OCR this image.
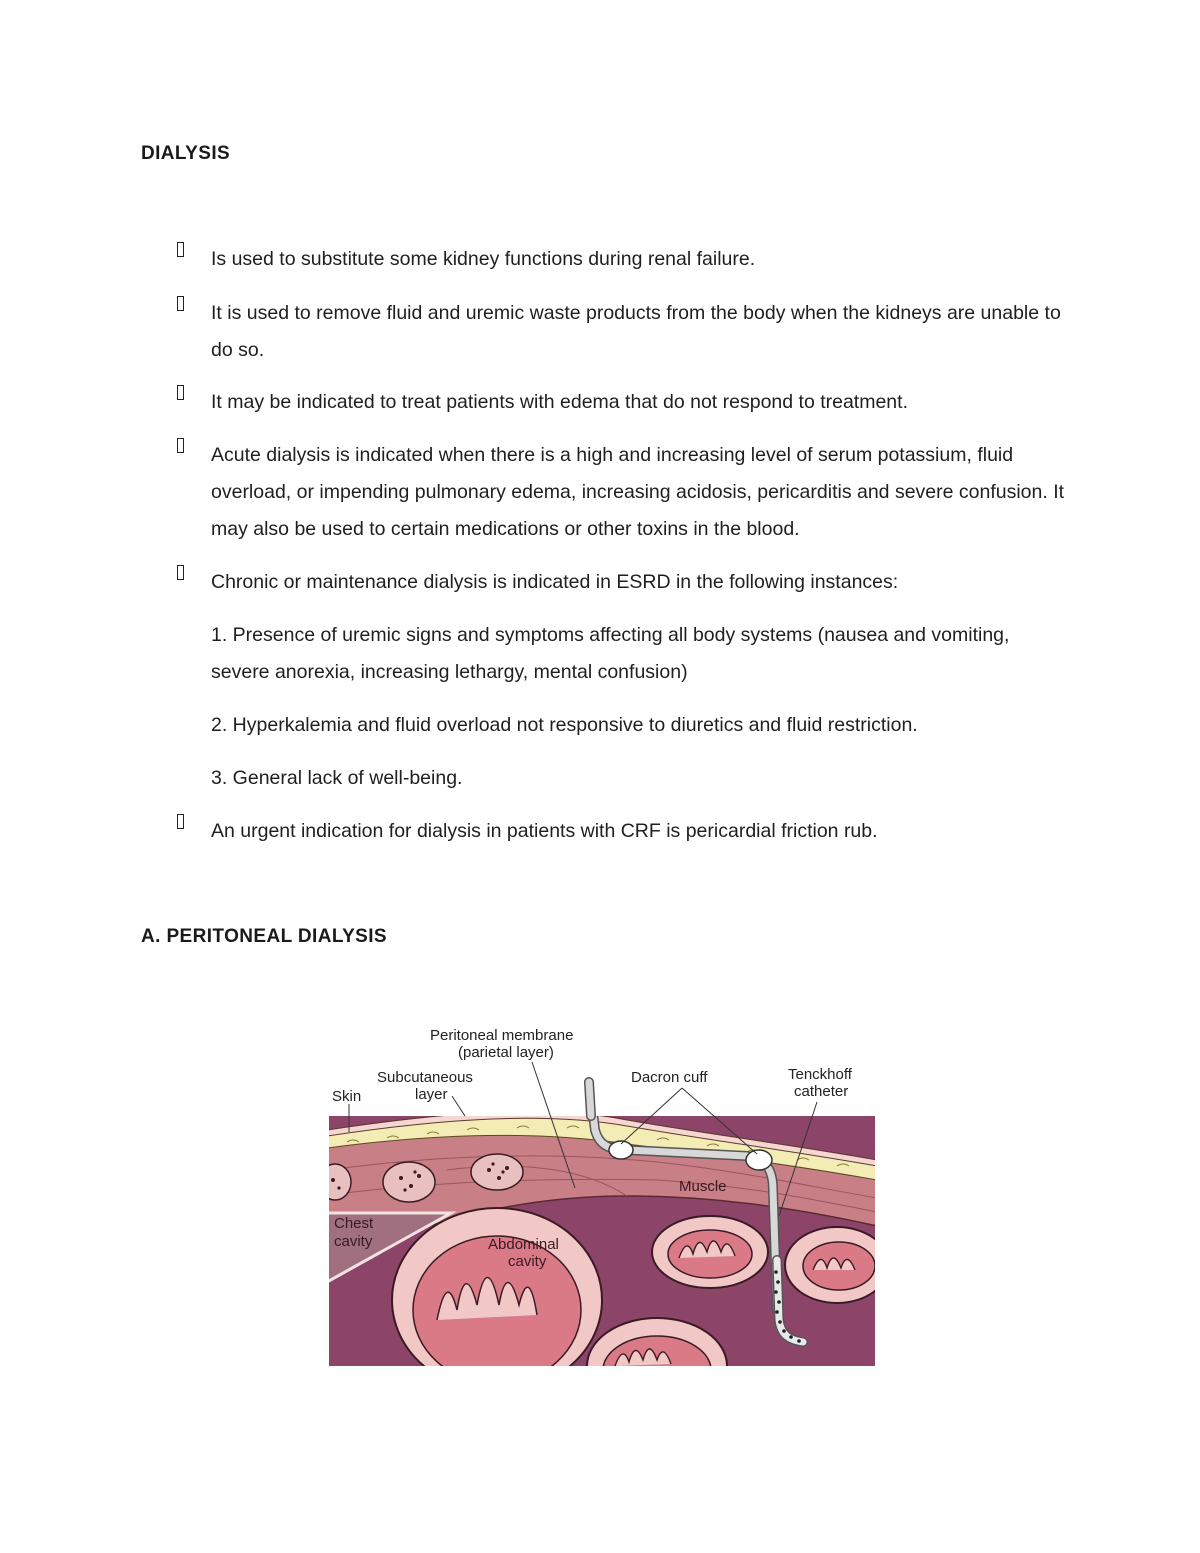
DIALYSIS

Is used to substitute some kidney functions during renal failure.

It is used to remove fluid and uremic waste products from the body when the kidneys are unable to do so.

It may be indicated to treat patients with edema that do not respond to treatment.

Acute dialysis is indicated when there is a high and increasing level of serum potassium, fluid overload, or impending pulmonary edema, increasing acidosis, pericarditis and severe confusion. It may also be used to certain medications or other toxins in the blood.

Chronic or maintenance dialysis is indicated in ESRD in the following instances:

1. Presence of uremic signs and symptoms affecting all body systems (nausea and vomiting, severe anorexia, increasing lethargy, mental confusion)

2. Hyperkalemia and fluid overload not responsive to diuretics and fluid restriction.

3. General lack of well-being.

An urgent indication for dialysis in patients with CRF is pericardial friction rub.

A. PERITONEAL DIALYSIS
Peritoneal membrane
(parietal layer)
Subcutaneous
layer
Skin
Dacron cuff	Tenckhoff
catheter
Muscle
Chest
cavity	Abdominal
cavity
